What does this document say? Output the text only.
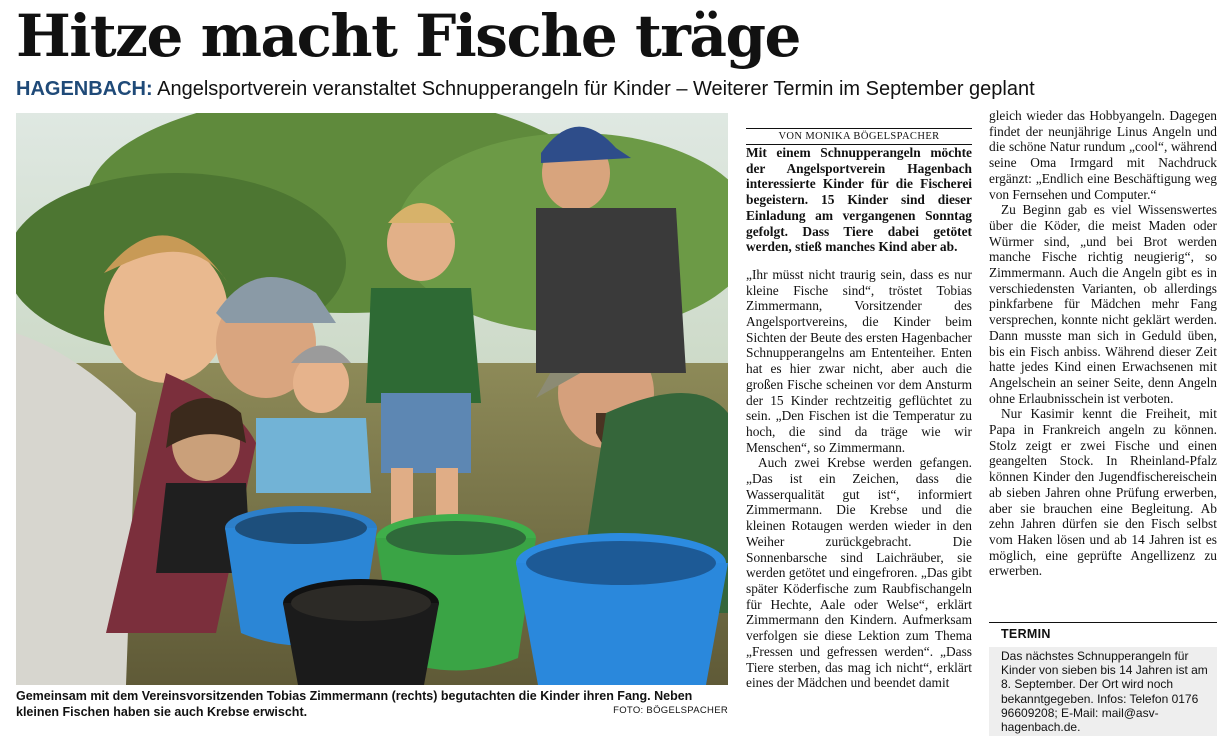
Hitze macht Fische träge
HAGENBACH: Angelsportverein veranstaltet Schnupperangeln für Kinder – Weiterer Termin im September geplant
Gemeinsam mit dem Vereinsvorsitzenden Tobias Zimmermann (rechts) begutachten die Kinder ihren Fang. Neben kleinen Fischen haben sie auch Krebse erwischt.	FOTO: BÖGELSPACHER
VON MONIKA BÖGELSPACHER

Mit einem Schnupperangeln möchte der Angelsportverein Hagenbach interessierte Kinder für die Fischerei begeistern. 15 Kinder sind dieser Einladung am vergangenen Sonntag gefolgt. Dass Tiere dabei getötet werden, stieß manches Kind aber ab.

„Ihr müsst nicht traurig sein, dass es nur kleine Fische sind“, tröstet Tobias Zimmermann, Vorsitzender des Angelsportvereins, die Kinder beim Sichten der Beute des ersten Hagenbacher Schnupperangelns am Ententeiher. Enten hat es hier zwar nicht, aber auch die großen Fische scheinen vor dem Ansturm der 15 Kinder rechtzeitig geflüchtet zu sein. „Den Fischen ist die Temperatur zu hoch, die sind da träge wie wir Menschen“, so Zimmermann.

Auch zwei Krebse werden gefangen. „Das ist ein Zeichen, dass die Wasserqualität gut ist“, informiert Zimmermann. Die Krebse und die kleinen Rotaugen werden wieder in den Weiher zurückgebracht. Die Sonnenbarsche sind Laichräuber, sie werden getötet und eingefroren. „Das gibt später Köderfische zum Raubfischangeln für Hechte, Aale oder Welse“, erklärt Zimmermann den Kindern. Aufmerksam verfolgen sie diese Lektion zum Thema „Fressen und gefressen werden“. „Dass Tiere sterben, das mag ich nicht“, erklärt eines der Mädchen und beendet damit

gleich wieder das Hobbyangeln. Dagegen findet der neunjährige Linus Angeln und die schöne Natur rundum „cool“, während seine Oma Irmgard mit Nachdruck ergänzt: „Endlich eine Beschäftigung weg von Fernsehen und Computer.“

Zu Beginn gab es viel Wissenswertes über die Köder, die meist Maden oder Würmer sind, „und bei Brot werden manche Fische richtig neugierig“, so Zimmermann. Auch die Angeln gibt es in verschiedensten Varianten, ob allerdings pinkfarbene für Mädchen mehr Fang versprechen, konnte nicht geklärt werden. Dann musste man sich in Geduld üben, bis ein Fisch anbiss. Während dieser Zeit hatte jedes Kind einen Erwachsenen mit Angelschein an seiner Seite, denn Angeln ohne Erlaubnisschein ist verboten.

Nur Kasimir kennt die Freiheit, mit Papa in Frankreich angeln zu können. Stolz zeigt er zwei Fische und einen geangelten Stock. In Rheinland-Pfalz können Kinder den Jugendfischereischein ab sieben Jahren ohne Prüfung erwerben, aber sie brauchen eine Begleitung. Ab zehn Jahren dürfen sie den Fisch selbst vom Haken lösen und ab 14 Jahren ist es möglich, eine geprüfte Angellizenz zu erwerben.

TERMIN
Das nächstes Schnupperangeln für Kinder von sieben bis 14 Jahren ist am 8. September. Der Ort wird noch bekanntgegeben. Infos: Telefon 0176 96609208; E-Mail: mail@asv-hagenbach.de.
